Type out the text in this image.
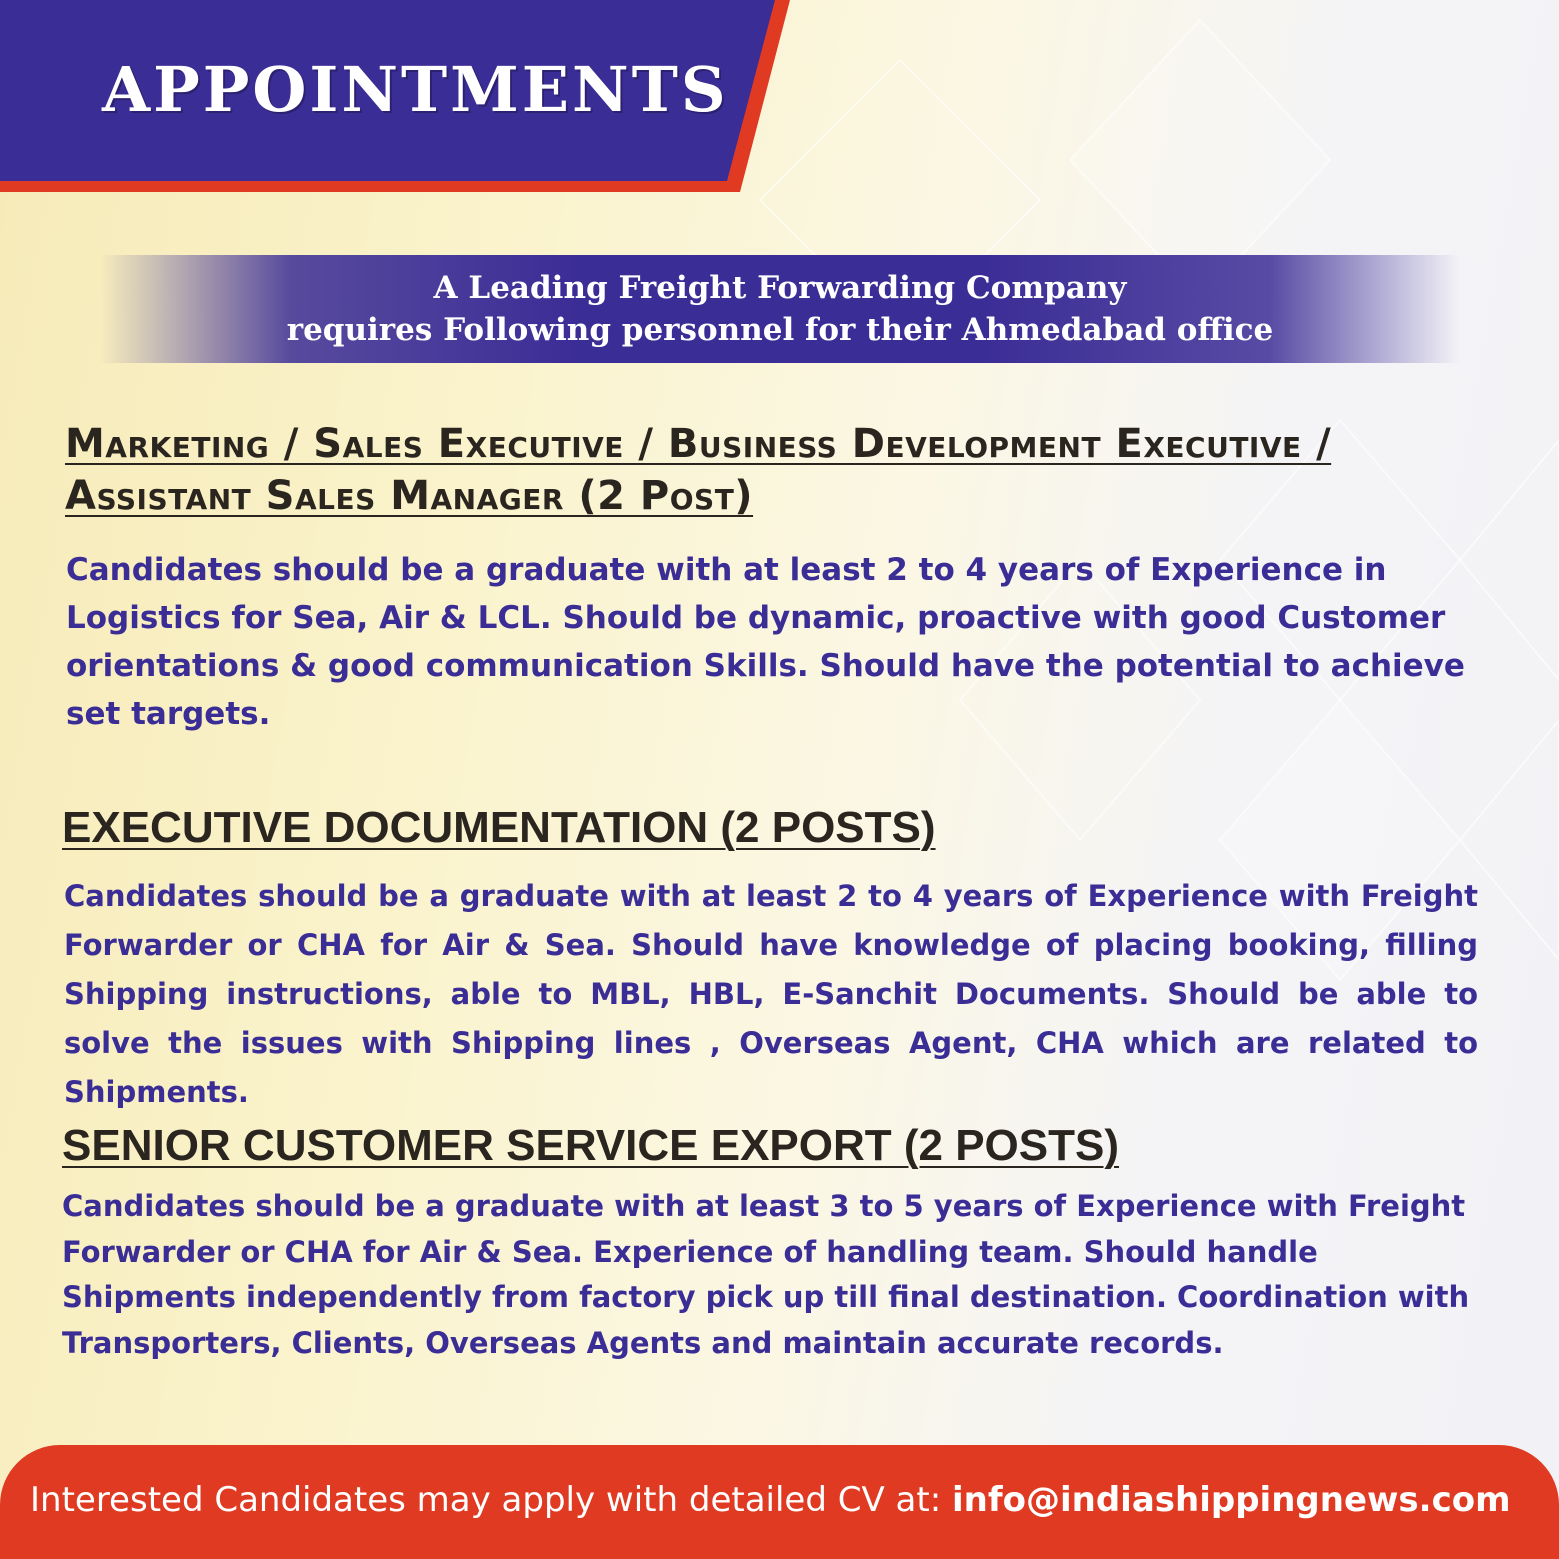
APPOINTMENTS
A Leading Freight Forwarding Company
requires Following personnel for their Ahmedabad office
Marketing / Sales Executive / Business Development Executive / Assistant Sales Manager (2 Post)
Candidates should be a graduate with at least 2 to 4 years of Experience in Logistics for Sea, Air & LCL. Should be dynamic, proactive with good Customer orientations & good communication Skills. Should have the potential to achieve set targets.
EXECUTIVE DOCUMENTATION (2 POSTS)
Candidates should be a graduate with at least 2 to 4 years of Experience with Freight Forwarder or CHA for Air & Sea. Should have knowledge of placing booking, filling Shipping instructions, able to MBL, HBL, E-Sanchit Documents. Should be able to solve the issues with Shipping lines , Overseas Agent, CHA which are related to Shipments.
SENIOR CUSTOMER SERVICE EXPORT (2 POSTS)
Candidates should be a graduate with at least 3 to 5 years of Experience with Freight Forwarder or CHA for Air & Sea. Experience of handling team. Should handle Shipments independently from factory pick up till final destination. Coordination with Transporters, Clients, Overseas Agents and maintain accurate records.
Interested Candidates may apply with detailed CV at: info@indiashippingnews.com
